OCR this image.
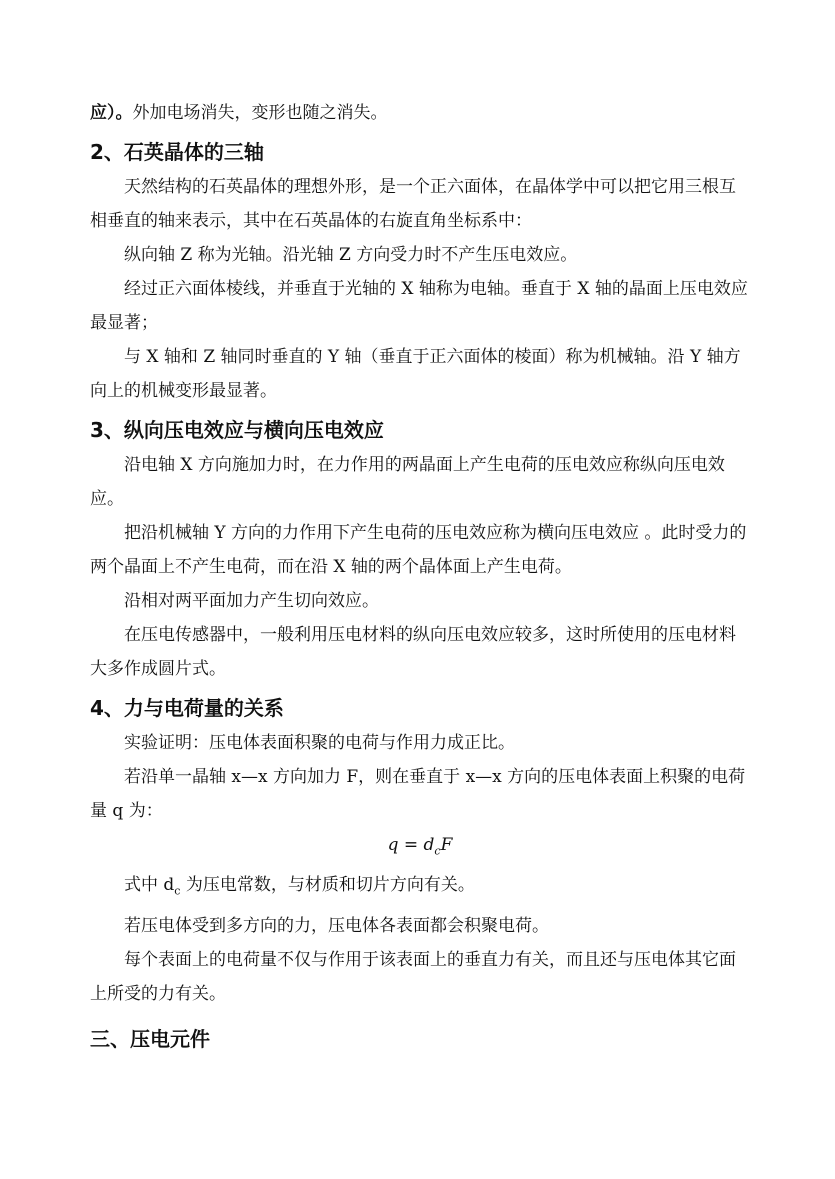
应）。外加电场消失，变形也随之消失。

2、石英晶体的三轴

天然结构的石英晶体的理想外形，是一个正六面体，在晶体学中可以把它用三根互相垂直的轴来表示，其中在石英晶体的右旋直角坐标系中：

纵向轴 Z 称为光轴。沿光轴 Z 方向受力时不产生压电效应。

经过正六面体棱线，并垂直于光轴的 X 轴称为电轴。垂直于 X 轴的晶面上压电效应最显著；

与 X 轴和 Z 轴同时垂直的 Y 轴（垂直于正六面体的棱面）称为机械轴。沿 Y 轴方向上的机械变形最显著。

3、纵向压电效应与横向压电效应

沿电轴 X 方向施加力时，在力作用的两晶面上产生电荷的压电效应称纵向压电效应。

把沿机械轴 Y 方向的力作用下产生电荷的压电效应称为横向压电效应 。此时受力的两个晶面上不产生电荷，而在沿 X 轴的两个晶体面上产生电荷。

沿相对两平面加力产生切向效应。

在压电传感器中，一般利用压电材料的纵向压电效应较多，这时所使用的压电材料大多作成圆片式。

4、力与电荷量的关系

实验证明：压电体表面积聚的电荷与作用力成正比。

若沿单一晶轴 x—x 方向加力 F，则在垂直于 x—x 方向的压电体表面上积聚的电荷量 q 为：

$q = d_cF$

式中 $d_c$ 为压电常数，与材质和切片方向有关。

若压电体受到多方向的力，压电体各表面都会积聚电荷。

每个表面上的电荷量不仅与作用于该表面上的垂直力有关，而且还与压电体其它面上所受的力有关。

三、压电元件
